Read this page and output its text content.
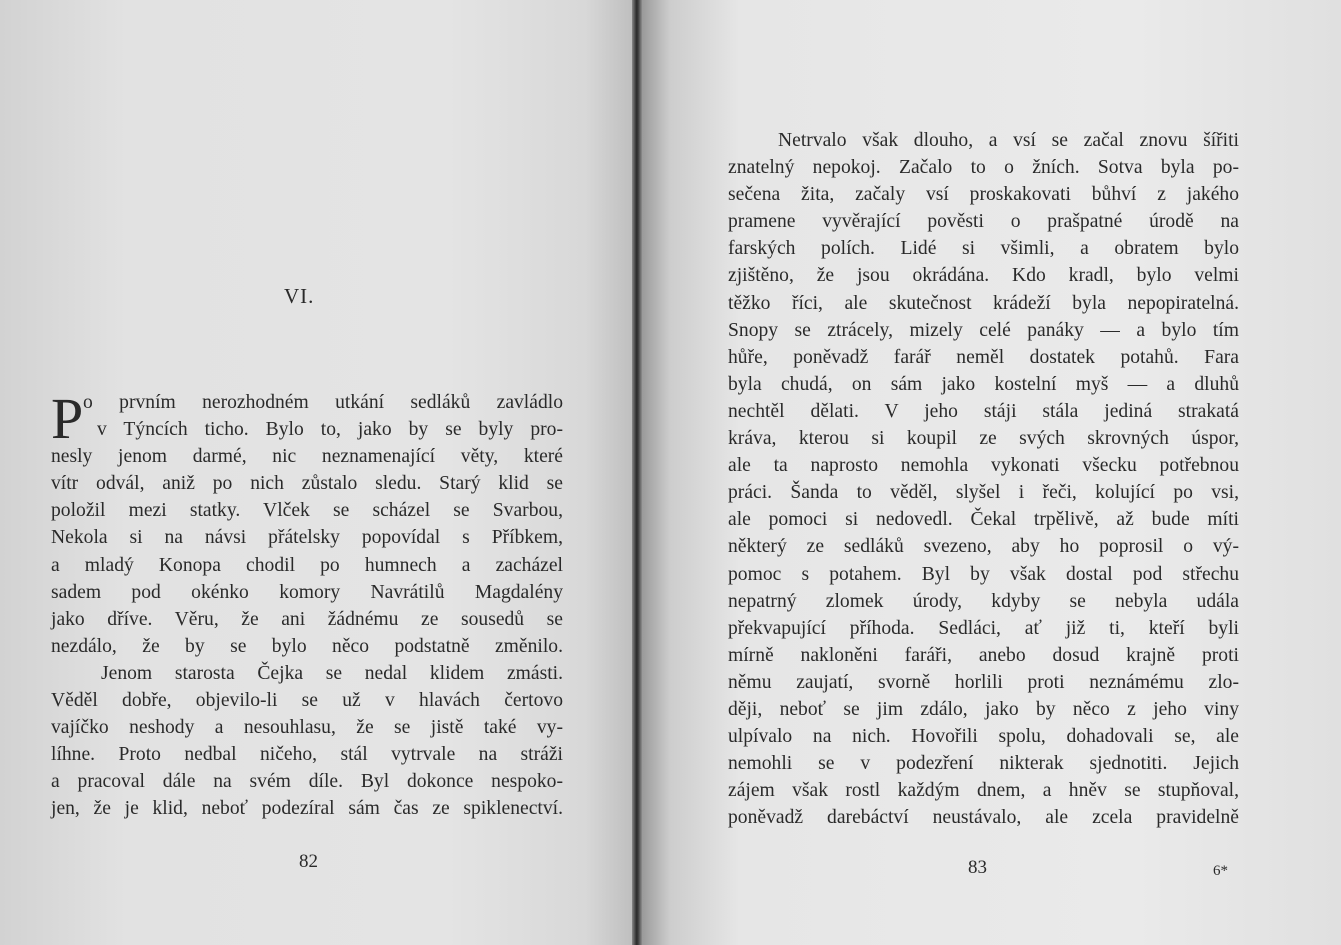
VI.
P o prvním nerozhodném utkání sedláků zavládlo
v Týncích ticho. Bylo to, jako by se byly pro-
nesly jenom darmé, nic neznamenající věty, které
vítr odvál, aniž po nich zůstalo sledu. Starý klid se
položil mezi statky. Vlček se scházel se Svarbou,
Nekola si na návsi přátelsky popovídal s Příbkem,
a mladý Konopa chodil po humnech a zacházel
sadem pod okénko komory Navrátilů Magdalény
jako dříve. Věru, že ani žádnému ze sousedů se
nezdálo, že by se bylo něco podstatně změnilo.
Jenom starosta Čejka se nedal klidem zmásti.
Věděl dobře, objevilo-li se už v hlavách čertovo
vajíčko neshody a nesouhlasu, že se jistě také vy-
líhne. Proto nedbal ničeho, stál vytrvale na stráži
a pracoval dále na svém díle. Byl dokonce nespoko-
jen, že je klid, neboť podezíral sám čas ze spiklenectví.
82
Netrvalo však dlouho, a vsí se začal znovu šířiti
znatelný nepokoj. Začalo to o žních. Sotva byla po-
sečena žita, začaly vsí proskakovati bůhví z jakého
pramene vyvěrající pověsti o prašpatné úrodě na
farských polích. Lidé si všimli, a obratem bylo
zjištěno, že jsou okrádána. Kdo kradl, bylo velmi
těžko říci, ale skutečnost krádeží byla nepopiratelná.
Snopy se ztrácely, mizely celé panáky — a bylo tím
hůře, poněvadž farář neměl dostatek potahů. Fara
byla chudá, on sám jako kostelní myš — a dluhů
nechtěl dělati. V jeho stáji stála jediná strakatá
kráva, kterou si koupil ze svých skrovných úspor,
ale ta naprosto nemohla vykonati všecku potřebnou
práci. Šanda to věděl, slyšel i řeči, kolující po vsi,
ale pomoci si nedovedl. Čekal trpělivě, až bude míti
některý ze sedláků svezeno, aby ho poprosil o vý-
pomoc s potahem. Byl by však dostal pod střechu
nepatrný zlomek úrody, kdyby se nebyla udála
překvapující příhoda. Sedláci, ať již ti, kteří byli
mírně nakloněni faráři, anebo dosud krajně proti
němu zaujatí, svorně horlili proti neznámému zlo-
ději, neboť se jim zdálo, jako by něco z jeho viny
ulpívalo na nich. Hovořili spolu, dohadovali se, ale
nemohli se v podezření nikterak sjednotiti. Jejich
zájem však rostl každým dnem, a hněv se stupňoval,
poněvadž darebáctví neustávalo, ale zcela pravidelně
83	6*
